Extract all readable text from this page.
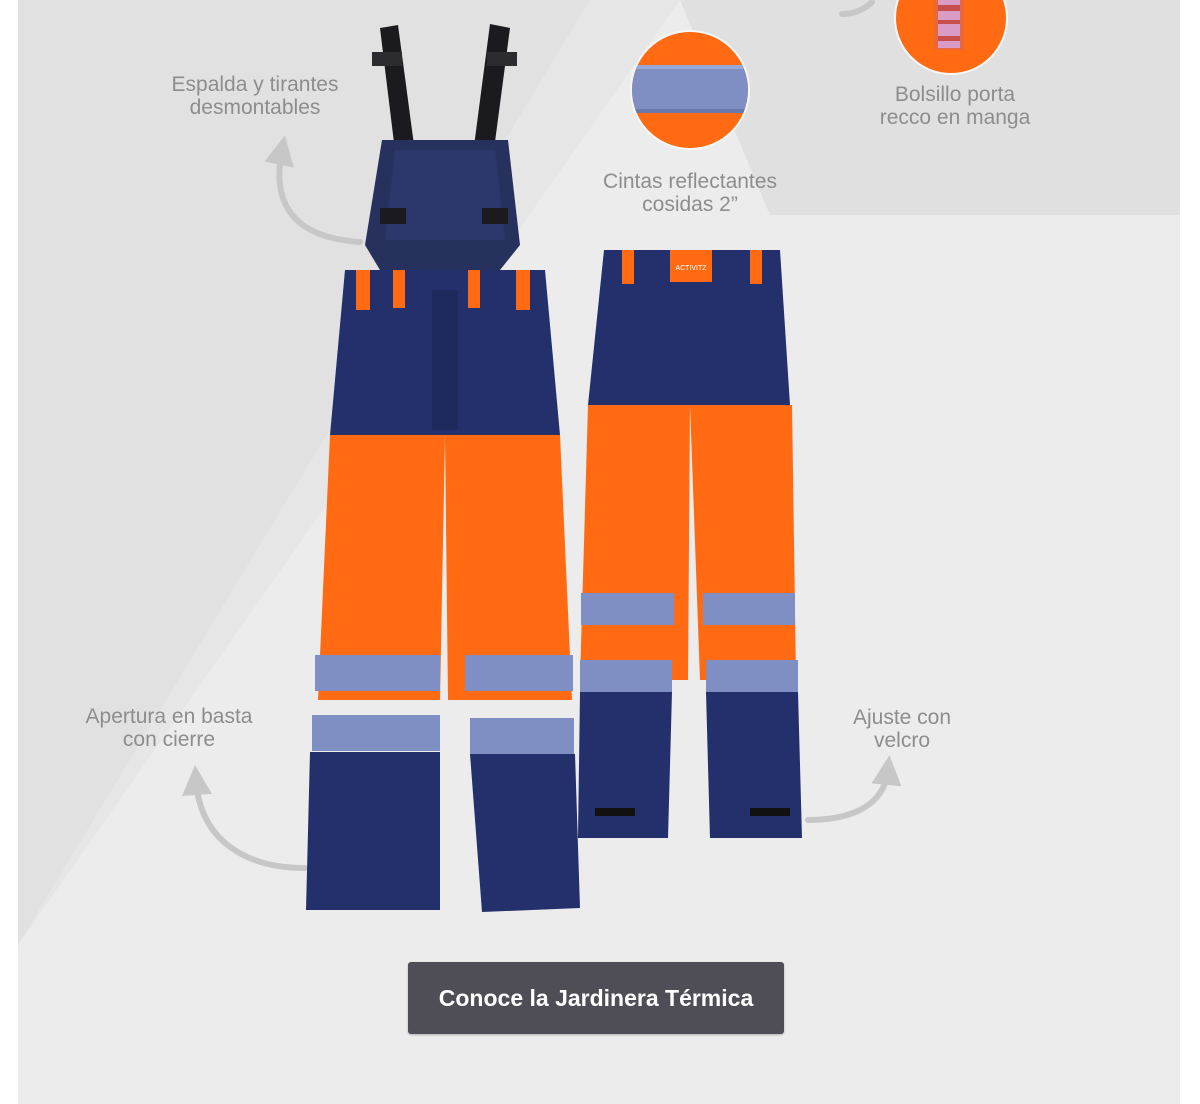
ACTIVITZ
Espalda y tirantes
desmontables
Cintas reflectantes
cosidas 2”
Bolsillo porta
recco en manga
Apertura en basta
con cierre
Ajuste con
velcro
Conoce la Jardinera Térmica
